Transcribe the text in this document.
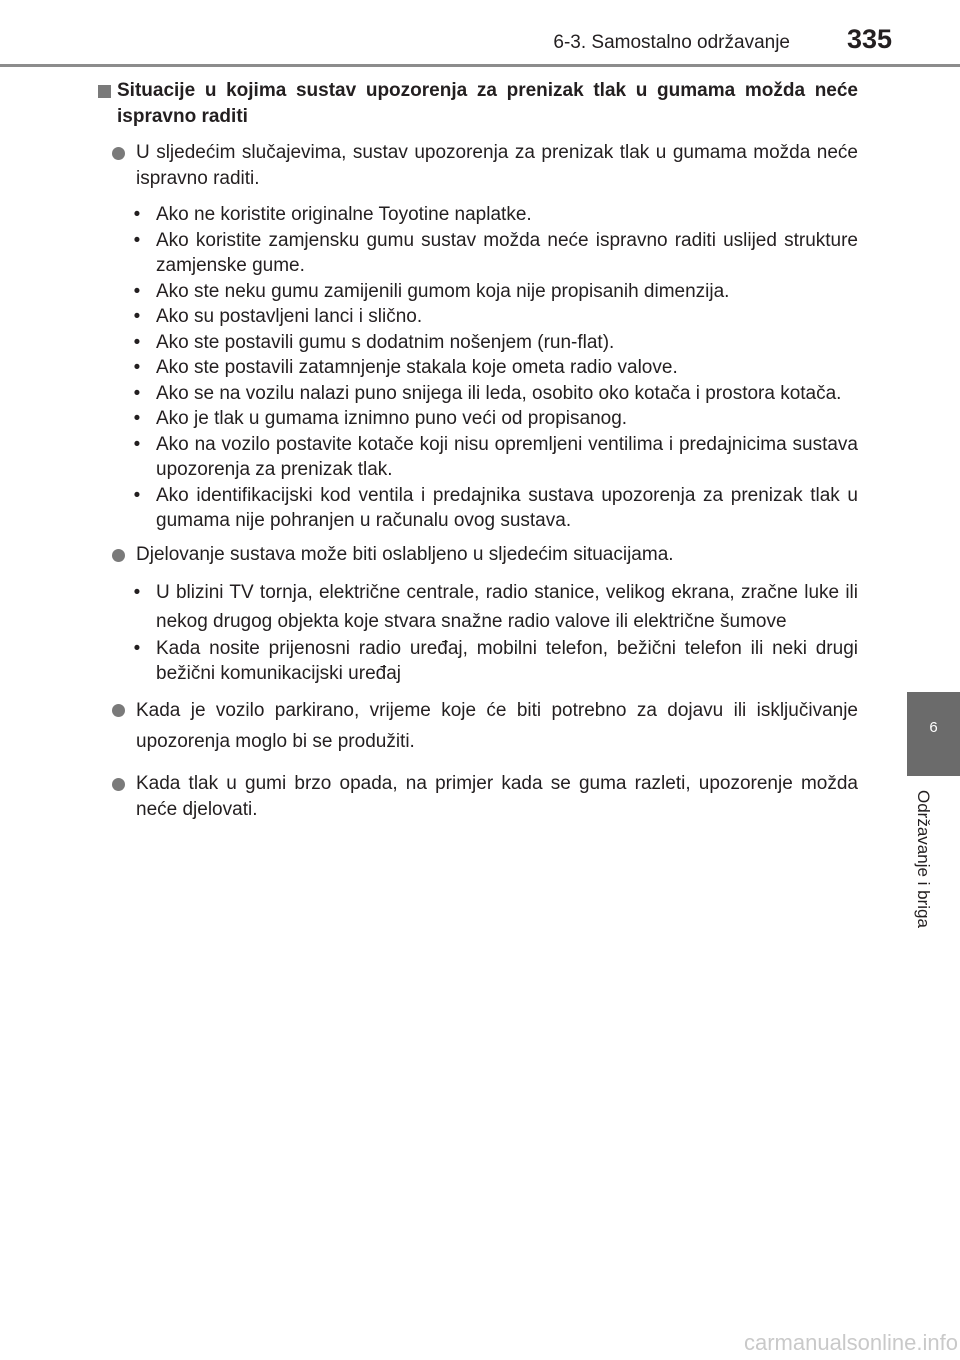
6-3. Samostalno održavanje 335
6
Održavanje i briga
Situacije u kojima sustav upozorenja za prenizak tlak u gumama možda neće ispravno raditi
U sljedećim slučajevima, sustav upozorenja za prenizak tlak u gumama možda neće ispravno raditi.
• Ako ne koristite originalne Toyotine naplatke.
• Ako koristite zamjensku gumu sustav možda neće ispravno raditi uslijed strukture zamjenske gume.
• Ako ste neku gumu zamijenili gumom koja nije propisanih dimenzija.
• Ako su postavljeni lanci i slično.
• Ako ste postavili gumu s dodatnim nošenjem (run-flat).
• Ako ste postavili zatamnjenje stakala koje ometa radio valove.
• Ako se na vozilu nalazi puno snijega ili leda, osobito oko kotača i prostora kotača.
• Ako je tlak u gumama iznimno puno veći od propisanog.
• Ako na vozilo postavite kotače koji nisu opremljeni ventilima i predajnicima sustava upozorenja za prenizak tlak.
• Ako identifikacijski kod ventila i predajnika sustava upozorenja za prenizak tlak u gumama nije pohranjen u računalu ovog sustava.
Djelovanje sustava može biti oslabljeno u sljedećim situacijama.
• U blizini TV tornja, električne centrale, radio stanice, velikog ekrana, zračne luke ili nekog drugog objekta koje stvara snažne radio valove ili električne šumove
• Kada nosite prijenosni radio uređaj, mobilni telefon, bežični telefon ili neki drugi bežični komunikacijski uređaj
Kada je vozilo parkirano, vrijeme koje će biti potrebno za dojavu ili isključivanje upozorenja moglo bi se produžiti.
Kada tlak u gumi brzo opada, na primjer kada se guma razleti, upozorenje možda neće djelovati.
carmanualsonline.info
